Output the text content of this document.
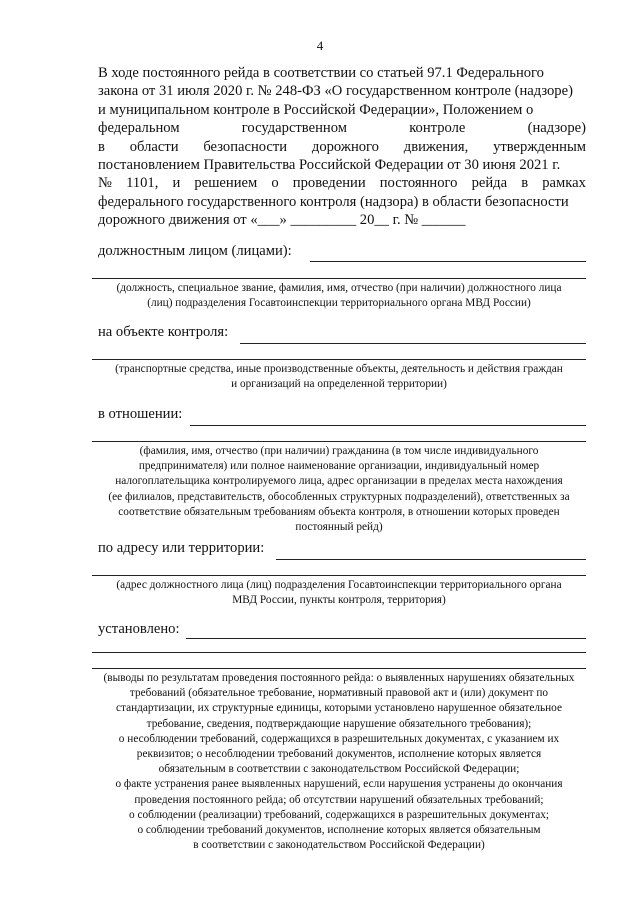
4
В ходе постоянного рейда в соответствии со статьей 97.1 Федерального
закона от 31 июля 2020 г. № 248-ФЗ «О государственном контроле (надзоре)
и муниципальном контроле в Российской Федерации», Положением о
федеральном	государственном	контроле	(надзоре)
в области безопасности дорожного движения, утвержденным
постановлением Правительства Российской Федерации от 30 июня 2021 г.
№ 1101, и решением о проведении постоянного рейда в рамках
федерального государственного контроля (надзора) в области безопасности
дорожного движения от «___» _________ 20__ г. № ______
должностным лицом (лицами):
(должность, специальное звание, фамилия, имя, отчество (при наличии) должностного лица
(лиц) подразделения Госавтоинспекции территориального органа МВД России)
на объекте контроля:
(транспортные средства, иные производственные объекты, деятельность и действия граждан
и организаций на определенной территории)
в отношении:
(фамилия, имя, отчество (при наличии) гражданина (в том числе индивидуального
предпринимателя) или полное наименование организации, индивидуальный номер
налогоплательщика контролируемого лица, адрес организации в пределах места нахождения
(ее филиалов, представительств, обособленных структурных подразделений), ответственных за
соответствие обязательным требованиям объекта контроля, в отношении которых проведен
постоянный рейд)
по адресу или территории:
(адрес должностного лица (лиц) подразделения Госавтоинспекции территориального органа
МВД России, пункты контроля, территория)
установлено:
(выводы по результатам проведения постоянного рейда: о выявленных нарушениях обязательных
требований (обязательное требование, нормативный правовой акт и (или) документ по
стандартизации, их структурные единицы, которыми установлено нарушенное обязательное
требование, сведения, подтверждающие нарушение обязательного требования);
о несоблюдении требований, содержащихся в разрешительных документах, с указанием их
реквизитов; о несоблюдении требований документов, исполнение которых является
обязательным в соответствии с законодательством Российской Федерации;
о факте устранения ранее выявленных нарушений, если нарушения устранены до окончания
проведения постоянного рейда; об отсутствии нарушений обязательных требований;
о соблюдении (реализации) требований, содержащихся в разрешительных документах;
о соблюдении требований документов, исполнение которых является обязательным
в соответствии с законодательством Российской Федерации)
